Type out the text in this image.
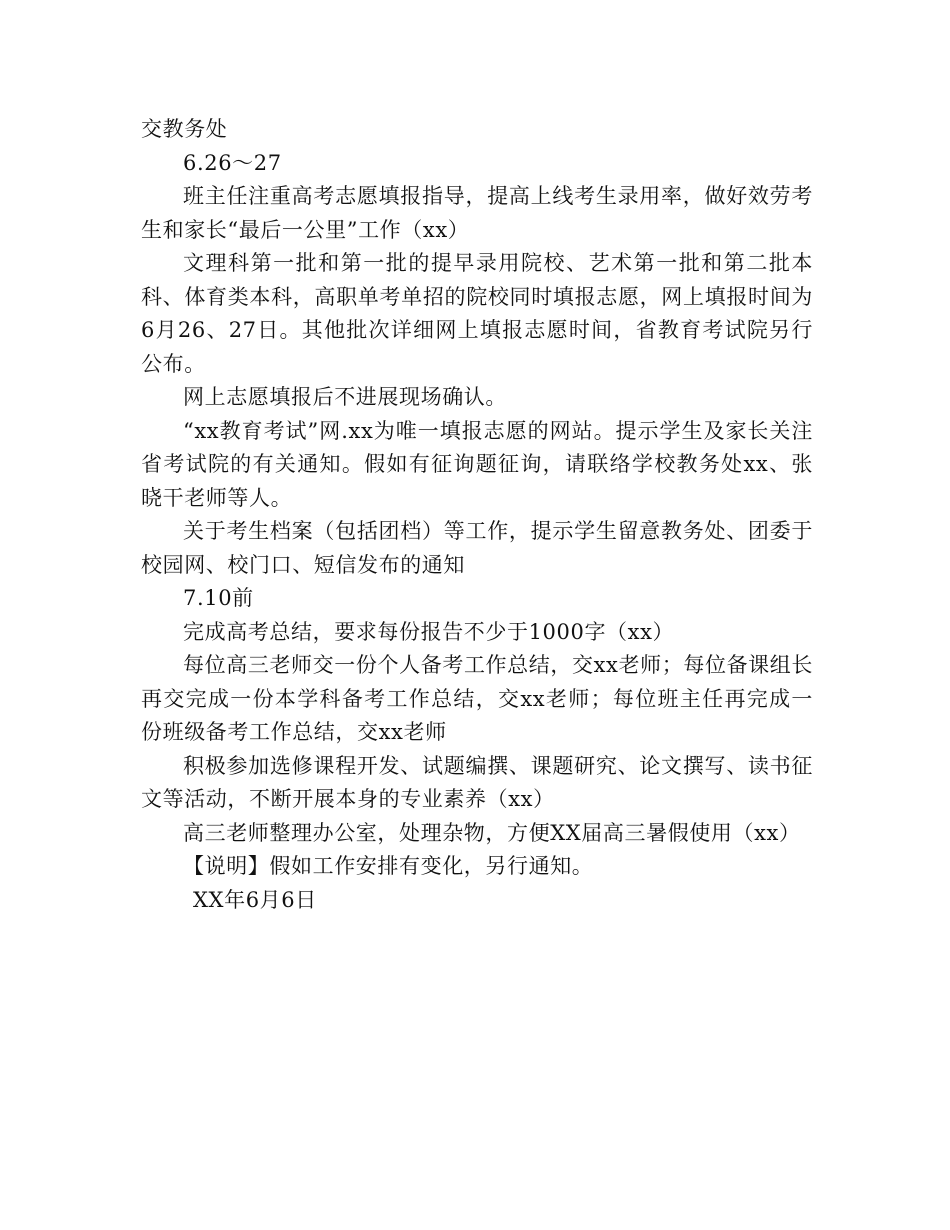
交教务处

6.26～27

班主任注重高考志愿填报指导，提高上线考生录用率，做好效劳考生和家长“最后一公里”工作（xx）

文理科第一批和第一批的提早录用院校、艺术第一批和第二批本科、体育类本科，高职单考单招的院校同时填报志愿，网上填报时间为6月26、27日。其他批次详细网上填报志愿时间，省教育考试院另行公布。

网上志愿填报后不进展现场确认。

“xx教育考试”网.xx为唯一填报志愿的网站。提示学生及家长关注省考试院的有关通知。假如有征询题征询，请联络学校教务处xx、张晓干老师等人。

关于考生档案（包括团档）等工作，提示学生留意教务处、团委于校园网、校门口、短信发布的通知

7.10前

完成高考总结，要求每份报告不少于1000字（xx）

每位高三老师交一份个人备考工作总结，交xx老师；每位备课组长再交完成一份本学科备考工作总结，交xx老师；每位班主任再完成一份班级备考工作总结，交xx老师

积极参加选修课程开发、试题编撰、课题研究、论文撰写、读书征文等活动，不断开展本身的专业素养（xx）

高三老师整理办公室，处理杂物，方便XX届高三暑假使用（xx）

【说明】假如工作安排有变化，另行通知。

XX年6月6日
